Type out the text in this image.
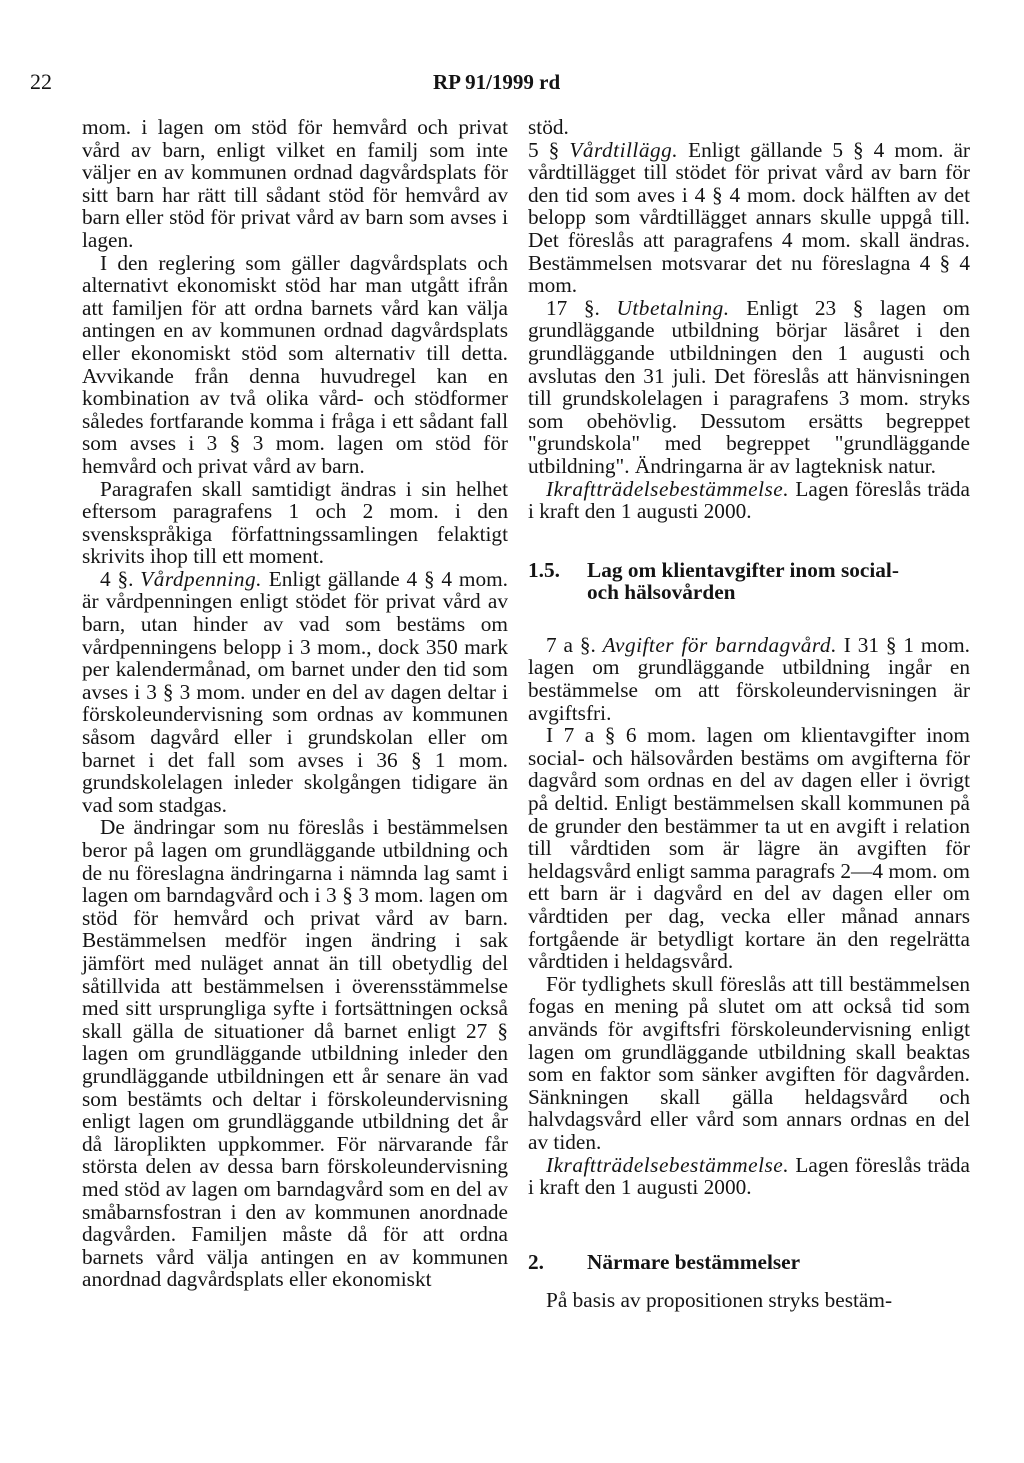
22	RP 91/1999 rd

mom. i lagen om stöd för hemvård och privat vård av barn, enligt vilket en familj som inte väljer en av kommunen ordnad dagvårdsplats för sitt barn har rätt till sådant stöd för hemvård av barn eller stöd för privat vård av barn som avses i lagen.

I den reglering som gäller dagvårdsplats och alternativt ekonomiskt stöd har man utgått ifrån att familjen för att ordna barnets vård kan välja antingen en av kommunen ordnad dagvårdsplats eller ekonomiskt stöd som alternativ till detta. Avvikande från denna huvudregel kan en kombination av två olika vård- och stödformer således fortfarande komma i fråga i ett sådant fall som avses i 3 § 3 mom. lagen om stöd för hemvård och privat vård av barn.

Paragrafen skall samtidigt ändras i sin helhet eftersom paragrafens 1 och 2 mom. i den svenskspråkiga författningssamlingen felaktigt skrivits ihop till ett moment.

4 §. Vårdpenning. Enligt gällande 4 § 4 mom. är vårdpenningen enligt stödet för privat vård av barn, utan hinder av vad som bestäms om vårdpenningens belopp i 3 mom., dock 350 mark per kalendermånad, om barnet under den tid som avses i 3 § 3 mom. under en del av dagen deltar i förskoleundervisning som ordnas av kommunen såsom dagvård eller i grundskolan eller om barnet i det fall som avses i 36 § 1 mom. grundskolelagen inleder skolgången tidigare än vad som stadgas.

De ändringar som nu föreslås i bestämmelsen beror på lagen om grundläggande utbildning och de nu föreslagna ändringarna i nämnda lag samt i lagen om barndagvård och i 3 § 3 mom. lagen om stöd för hemvård och privat vård av barn. Bestämmelsen medför ingen ändring i sak jämfört med nuläget annat än till obetydlig del såtillvida att bestämmelsen i överensstämmelse med sitt ursprungliga syfte i fortsättningen också skall gälla de situationer då barnet enligt 27 § lagen om grundläggande utbildning inleder den grundläggande utbildningen ett år senare än vad som bestämts och deltar i förskoleundervisning enligt lagen om grundläggande utbildning det år då läroplikten uppkommer. För närvarande får största delen av dessa barn förskoleundervisning med stöd av lagen om barndagvård som en del av småbarnsfostran i den av kommunen anordnade dagvården. Familjen måste då för att ordna barnets vård välja antingen en av kommunen anordnad dagvårdsplats eller ekonomiskt

stöd.

5 § Vårdtillägg. Enligt gällande 5 § 4 mom. är vårdtillägget till stödet för privat vård av barn för den tid som aves i 4 § 4 mom. dock hälften av det belopp som vårdtillägget annars skulle uppgå till. Det föreslås att paragrafens 4 mom. skall ändras. Bestämmelsen motsvarar det nu föreslagna 4 § 4 mom.

17 §. Utbetalning. Enligt 23 § lagen om grundläggande utbildning börjar läsåret i den grundläggande utbildningen den 1 augusti och avslutas den 31 juli. Det föreslås att hänvisningen till grundskolelagen i paragrafens 3 mom. stryks som obehövlig. Dessutom ersätts begreppet "grundskola" med begreppet "grundläggande utbildning". Ändringarna är av lagteknisk natur.

Ikraftträdelsebestämmelse. Lagen föreslås träda i kraft den 1 augusti 2000.

1.5. Lag om klientavgifter inom social- och hälsovården

7 a §. Avgifter för barndagvård. I 31 § 1 mom. lagen om grundläggande utbildning ingår en bestämmelse om att förskoleundervisningen är avgiftsfri.

I 7 a § 6 mom. lagen om klientavgifter inom social- och hälsovården bestäms om avgifterna för dagvård som ordnas en del av dagen eller i övrigt på deltid. Enligt bestämmelsen skall kommunen på de grunder den bestämmer ta ut en avgift i relation till vårdtiden som är lägre än avgiften för heldagsvård enligt samma paragrafs 2—4 mom. om ett barn är i dagvård en del av dagen eller om vårdtiden per dag, vecka eller månad annars fortgående är betydligt kortare än den regelrätta vårdtiden i heldagsvård.

För tydlighets skull föreslås att till bestämmelsen fogas en mening på slutet om att också tid som används för avgiftsfri förskoleundervisning enligt lagen om grundläggande utbildning skall beaktas som en faktor som sänker avgiften för dagvården. Sänkningen skall gälla heldagsvård och halvdagsvård eller vård som annars ordnas en del av tiden.

Ikraftträdelsebestämmelse. Lagen föreslås träda i kraft den 1 augusti 2000.

2. Närmare bestämmelser

På basis av propositionen stryks bestäm-
